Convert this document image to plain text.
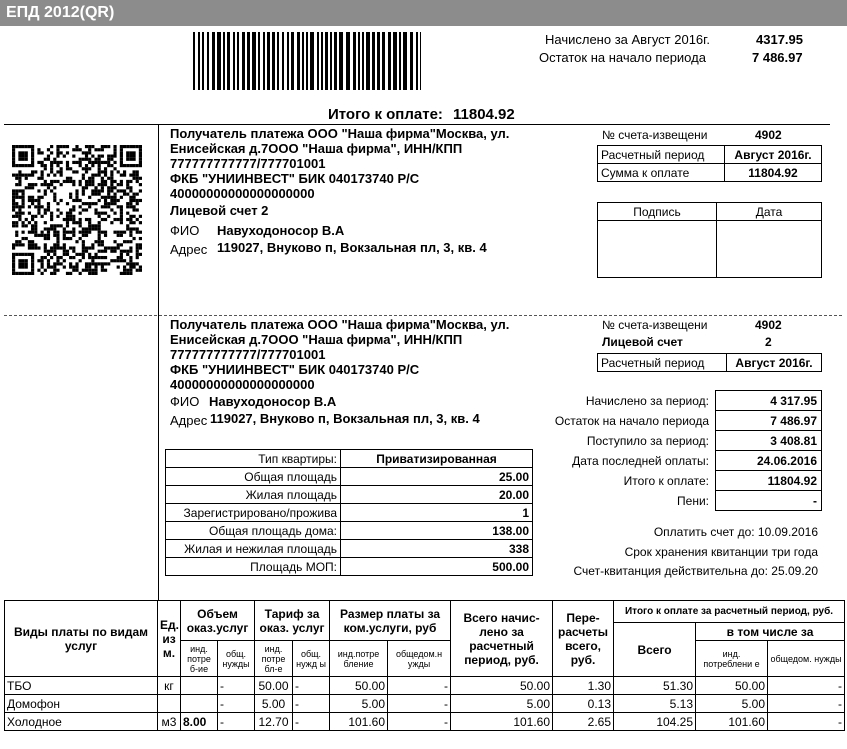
ЕПД 2012(QR)
Начислено за Август 2016г.	4317.95
Остаток на начало периода	7 486.97
Итого к оплате: 11804.92
Получатель платежа ООО "Наша фирма"Москва, ул.
Енисейская д.7ООО "Наша фирма", ИНН/КПП
777777777777/777701001
ФКБ "УНИИНВЕСТ" БИК 040173740 Р/С
40000000000000000000
Лицевой счет 2
ФИО Навуходоносор В.А
Адрес 119027, Внуково п, Вокзальная пл, 3, кв. 4
№ счета-извещени	4902
Расчетный период	Август 2016г.
Сумма к оплате	11804.92
Подпись	Дата

Получатель платежа ООО "Наша фирма"Москва, ул.
Енисейская д.7ООО "Наша фирма", ИНН/КПП
777777777777/777701001
ФКБ "УНИИНВЕСТ" БИК 040173740 Р/С
40000000000000000000
ФИО Навуходоносор В.А
Адрес 119027, Внуково п, Вокзальная пл, 3, кв. 4
№ счета-извещени	4902
Лицевой счет	2
Расчетный период	Август 2016г.
Начислено за период:	4 317.95
Остаток на начало периода	7 486.97
Поступило за период:	3 408.81
Дата последней оплаты:	24.06.2016
Итого к оплате:	11804.92
Пени:	-
Тип квартиры:	Приватизированная
Общая площадь	25.00
Жилая площадь	20.00
Зарегистрировано/прожива	1
Общая площадь дома:	138.00
Жилая и нежилая площадь	338
Площадь МОП:	500.00
Оплатить счет до: 10.09.2016
Срок хранения квитанции три года
Счет-квитанция действительна до: 25.09.20
Виды платы по видам услуг	Ед. из м.	Объем оказ.услуг		Тариф за оказ. услуг		Размер платы за ком.услуги, руб		Всего начис-лено за расчетный период, руб.	Пере-расчеты всего, руб.	Итого к оплате за расчетный период, руб.		
										Всего	в том числе за	
		инд. потре б-ие	общ. нужды	инд. потре бл-е	общ. нужд ы	инд.потре бление	общедом.н ужды				инд. потреблени е	общедом. нужды
ТБО	кг		-	50.00	-	50.00	-	50.00	1.30	51.30	50.00	-
Домофон			-	5.00	-	5.00	-	5.00	0.13	5.13	5.00	-
Холодное	м3	8.00	-	12.70	-	101.60	-	101.60	2.65	104.25	101.60	-
